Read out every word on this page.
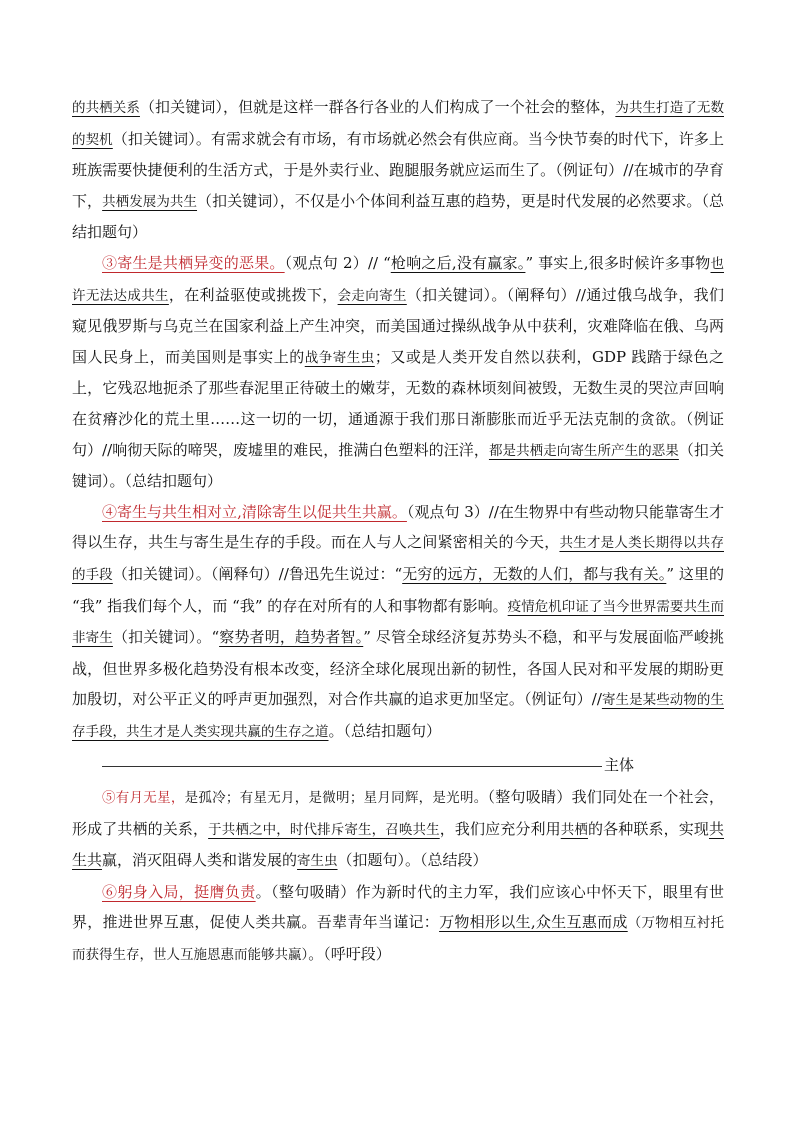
的共栖关系（扣关键词），但就是这样一群各行各业的人们构成了一个社会的整体，为共生打造了无数的契机（扣关键词）。有需求就会有市场，有市场就必然会有供应商。当今快节奏的时代下，许多上班族需要快捷便利的生活方式，于是外卖行业、跑腿服务就应运而生了。（例证句）//在城市的孕育下，共栖发展为共生（扣关键词），不仅是小个体间利益互惠的趋势，更是时代发展的必然要求。（总结扣题句）

③寄生是共栖异变的恶果。（观点句 2）// “枪响之后,没有赢家。” 事实上,很多时候许多事物也许无法达成共生，在利益驱使或挑拨下，会走向寄生（扣关键词）。（阐释句）//通过俄乌战争，我们窥见俄罗斯与乌克兰在国家利益上产生冲突，而美国通过操纵战争从中获利，灾难降临在俄、乌两国人民身上，而美国则是事实上的战争寄生虫；又或是人类开发自然以获利，GDP 践踏于绿色之上，它残忍地扼杀了那些春泥里正待破土的嫩芽，无数的森林顷刻间被毁，无数生灵的哭泣声回响在贫瘠沙化的荒土里……这一切的一切，通通源于我们那日渐膨胀而近乎无法克制的贪欲。（例证句）//响彻天际的啼哭，废墟里的难民，推满白色塑料的汪洋，都是共栖走向寄生所产生的恶果（扣关键词）。（总结扣题句）

④寄生与共生相对立,清除寄生以促共生共赢。（观点句 3）//在生物界中有些动物只能靠寄生才得以生存，共生与寄生是生存的手段。而在人与人之间紧密相关的今天，共生才是人类长期得以共存的手段（扣关键词）。（阐释句）//鲁迅先生说过：“无穷的远方，无数的人们，都与我有关。” 这里的 “我” 指我们每个人，而 “我” 的存在对所有的人和事物都有影响。疫情危机印证了当今世界需要共生而非寄生（扣关键词）。“察势者明，趋势者智。” 尽管全球经济复苏势头不稳，和平与发展面临严峻挑战，但世界多极化趋势没有根本改变，经济全球化展现出新的韧性，各国人民对和平发展的期盼更加殷切，对公平正义的呼声更加强烈，对合作共赢的追求更加坚定。（例证句）//寄生是某些动物的生存手段，共生才是人类实现共赢的生存之道。（总结扣题句）

主体

⑤有月无星，是孤冷；有星无月，是微明；星月同辉，是光明。（整句吸睛）我们同处在一个社会，形成了共栖的关系，于共栖之中，时代排斥寄生，召唤共生，我们应充分利用共栖的各种联系，实现共生共赢，消灭阻碍人类和谐发展的寄生虫（扣题句）。（总结段）

⑥躬身入局，挺膺负责。（整句吸睛）作为新时代的主力军，我们应该心中怀天下，眼里有世界，推进世界互惠，促使人类共赢。吾辈青年当谨记：万物相形以生,众生互惠而成（万物相互衬托而获得生存，世人互施恩惠而能够共赢）。（呼吁段）
